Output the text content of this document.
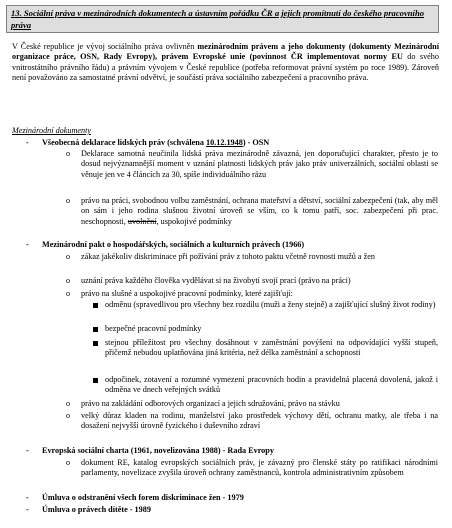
13. Sociální práva v mezinárodních dokumentech a ústavním pořádku ČR a jejich promítnutí do českého pracovního práva
V České republice je vývoj sociálního práva ovlivněn mezinárodním právem a jeho dokumenty (dokumenty Mezinárodní organizace práce, OSN, Rady Evropy), právem Evropské unie (povinnost ČR implementovat normy EU do svého vnitrostátního právního řádu) a právním vývojem v České republice (potřeba reformovat právní systém po roce 1989). Zároveň není považováno za samostatné právní odvětví, je součástí práva sociálního zabezpečení a pracovního práva.
Mezinárodní dokumenty
- Všeobecná deklarace lidských práv (schválena 10.12.1948) - OSN
o Deklarace samotná neučinila lidská práva mezinárodně závazná, jen doporučující charakter, přesto je to dosud nejvýznamnější moment v uznání platnosti lidských práv jako práv univerzálních, sociální oblasti se věnuje jen ve 4 článcích za 30, spíše individuálního rázu
o právo na práci, svobodnou volbu zaměstnání, ochrana mateřství a dětství, sociální zabezpečení (tak, aby měl on sám i jeho rodina slušnou životní úroveň se vším, co k tomu patří, soc. zabezpečení při prac. neschopnosti, uvolnění, uspokojivé podmínky
- Mezinárodní pakt o hospodářských, sociálních a kulturních právech (1966)
o zákaz jakékoliv diskriminace při požívání práv z tohoto paktu včetně rovnosti mužů a žen
o uznání práva každého člověka vydělávat si na živobytí svojí prací (právo na práci)
o právo na slušné a uspokojivé pracovní podmínky, které zajišťují:
odměnu (spravedlivou pro všechny bez rozdílu (muži a ženy stejně) a zajišťující slušný život rodiny)
bezpečné pracovní podmínky
stejnou příležitost pro všechny dosáhnout v zaměstnání povýšení na odpovídající vyšší stupeň, přičemž nebudou uplatňována jiná kritéria, než délka zaměstnání a schopnosti
odpočinek, zotavení a rozumné vymezení pracovních hodin a pravidelná placená dovolená, jakož i odměna ve dnech veřejných svátků
o právo na zakládání odborových organizací a jejich sdružování, právo na stávku
o velký důraz kladen na rodinu, manželství jako prostředek výchovy dětí, ochranu matky, ale třeba i na dosažení nejvyšší úrovně fyzického i duševního zdraví
- Evropská sociální charta (1961, novelizována 1988) - Rada Evropy
o dokument RE, katalog evropských sociálních práv, je závazný pro členské státy po ratifikaci národními parlamenty, novelizace zvyšila úroveň ochrany zaměstnanců, kontrola administrativním způsobem
- Úmluva o odstranění všech forem diskriminace žen - 1979
- Úmluva o právech dítěte - 1989
